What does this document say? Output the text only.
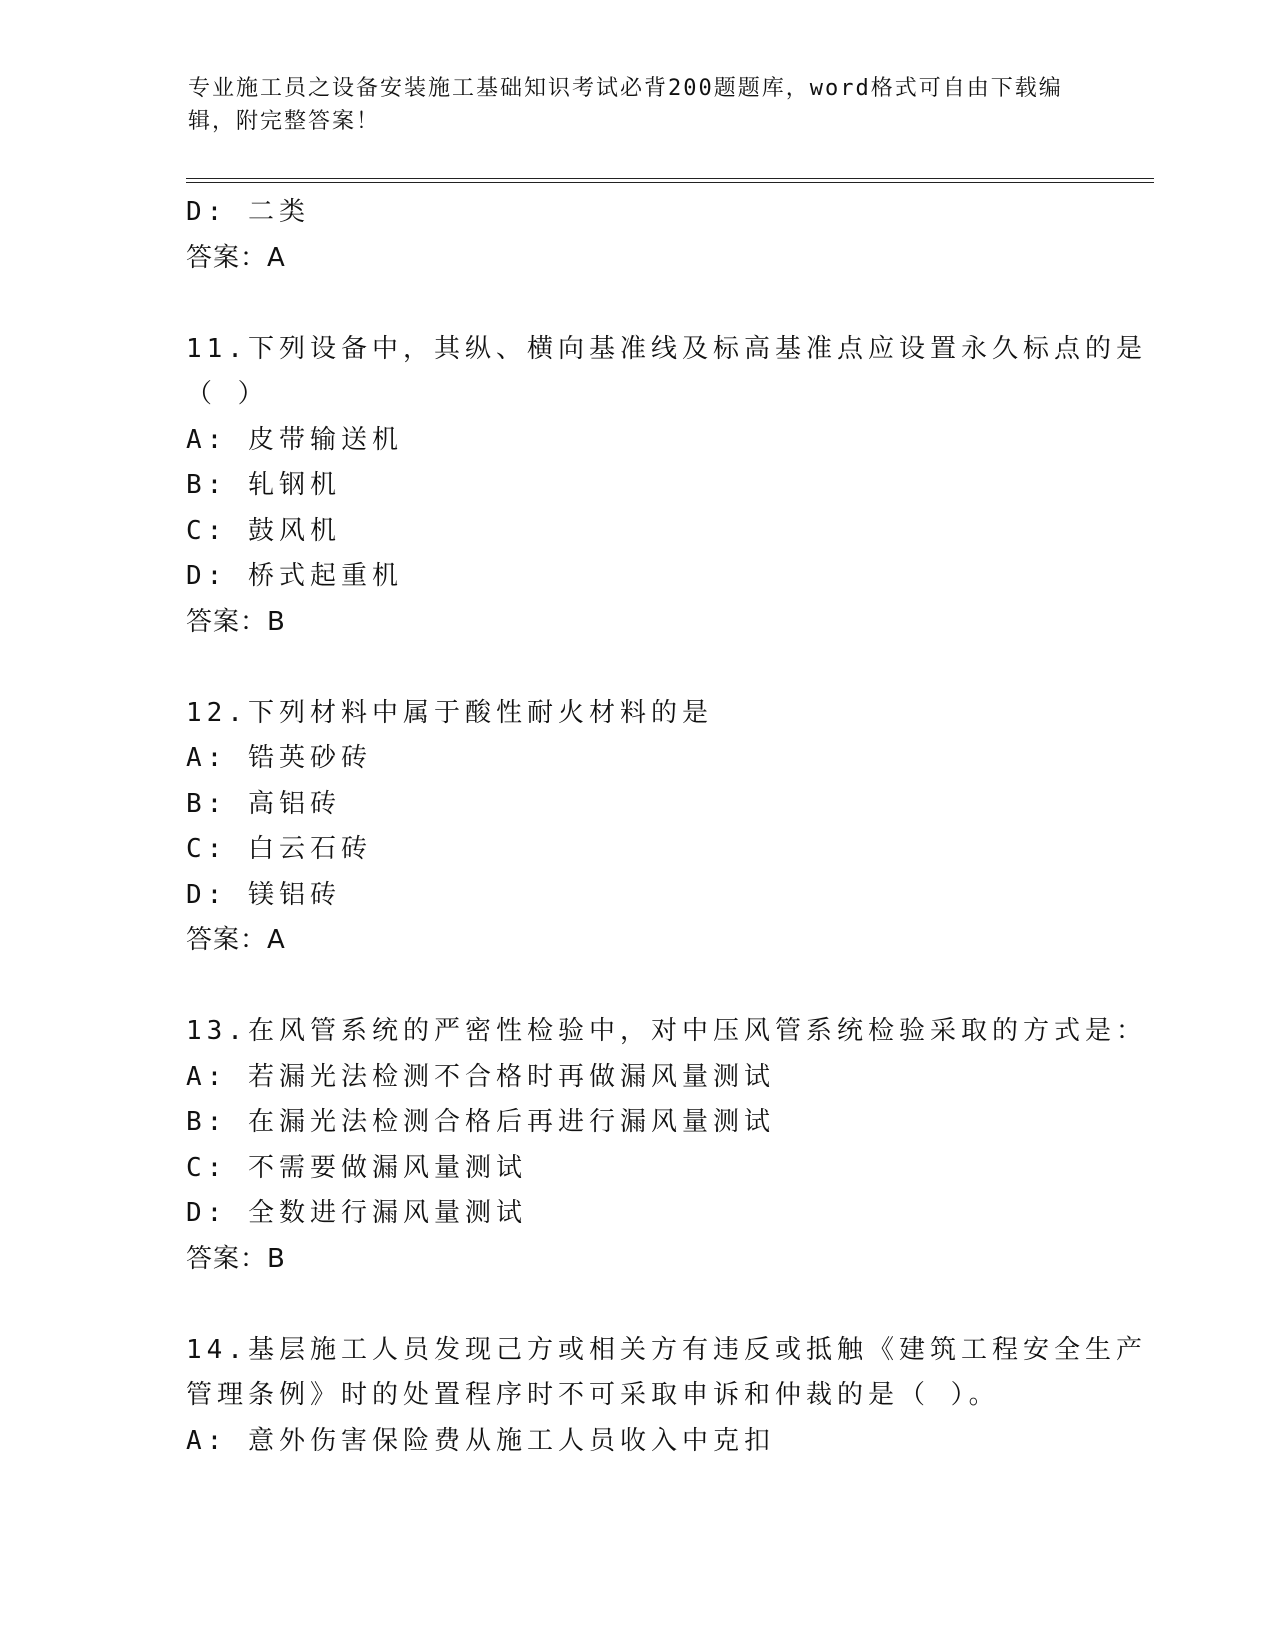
专业施工员之设备安装施工基础知识考试必背200题题库，word格式可自由下载编辑，附完整答案！
D: 二类
答案：A
11.下列设备中，其纵、横向基准线及标高基准点应设置永久标点的是
（ ）
A: 皮带输送机
B: 轧钢机
C: 鼓风机
D: 桥式起重机
答案：B
12.下列材料中属于酸性耐火材料的是
A: 锆英砂砖
B: 高铝砖
C: 白云石砖
D: 镁铝砖
答案：A
13.在风管系统的严密性检验中，对中压风管系统检验采取的方式是：
A: 若漏光法检测不合格时再做漏风量测试
B: 在漏光法检测合格后再进行漏风量测试
C: 不需要做漏风量测试
D: 全数进行漏风量测试
答案：B
14.基层施工人员发现己方或相关方有违反或抵触《建筑工程安全生产
管理条例》时的处置程序时不可采取申诉和仲裁的是（ ）。
A: 意外伤害保险费从施工人员收入中克扣
